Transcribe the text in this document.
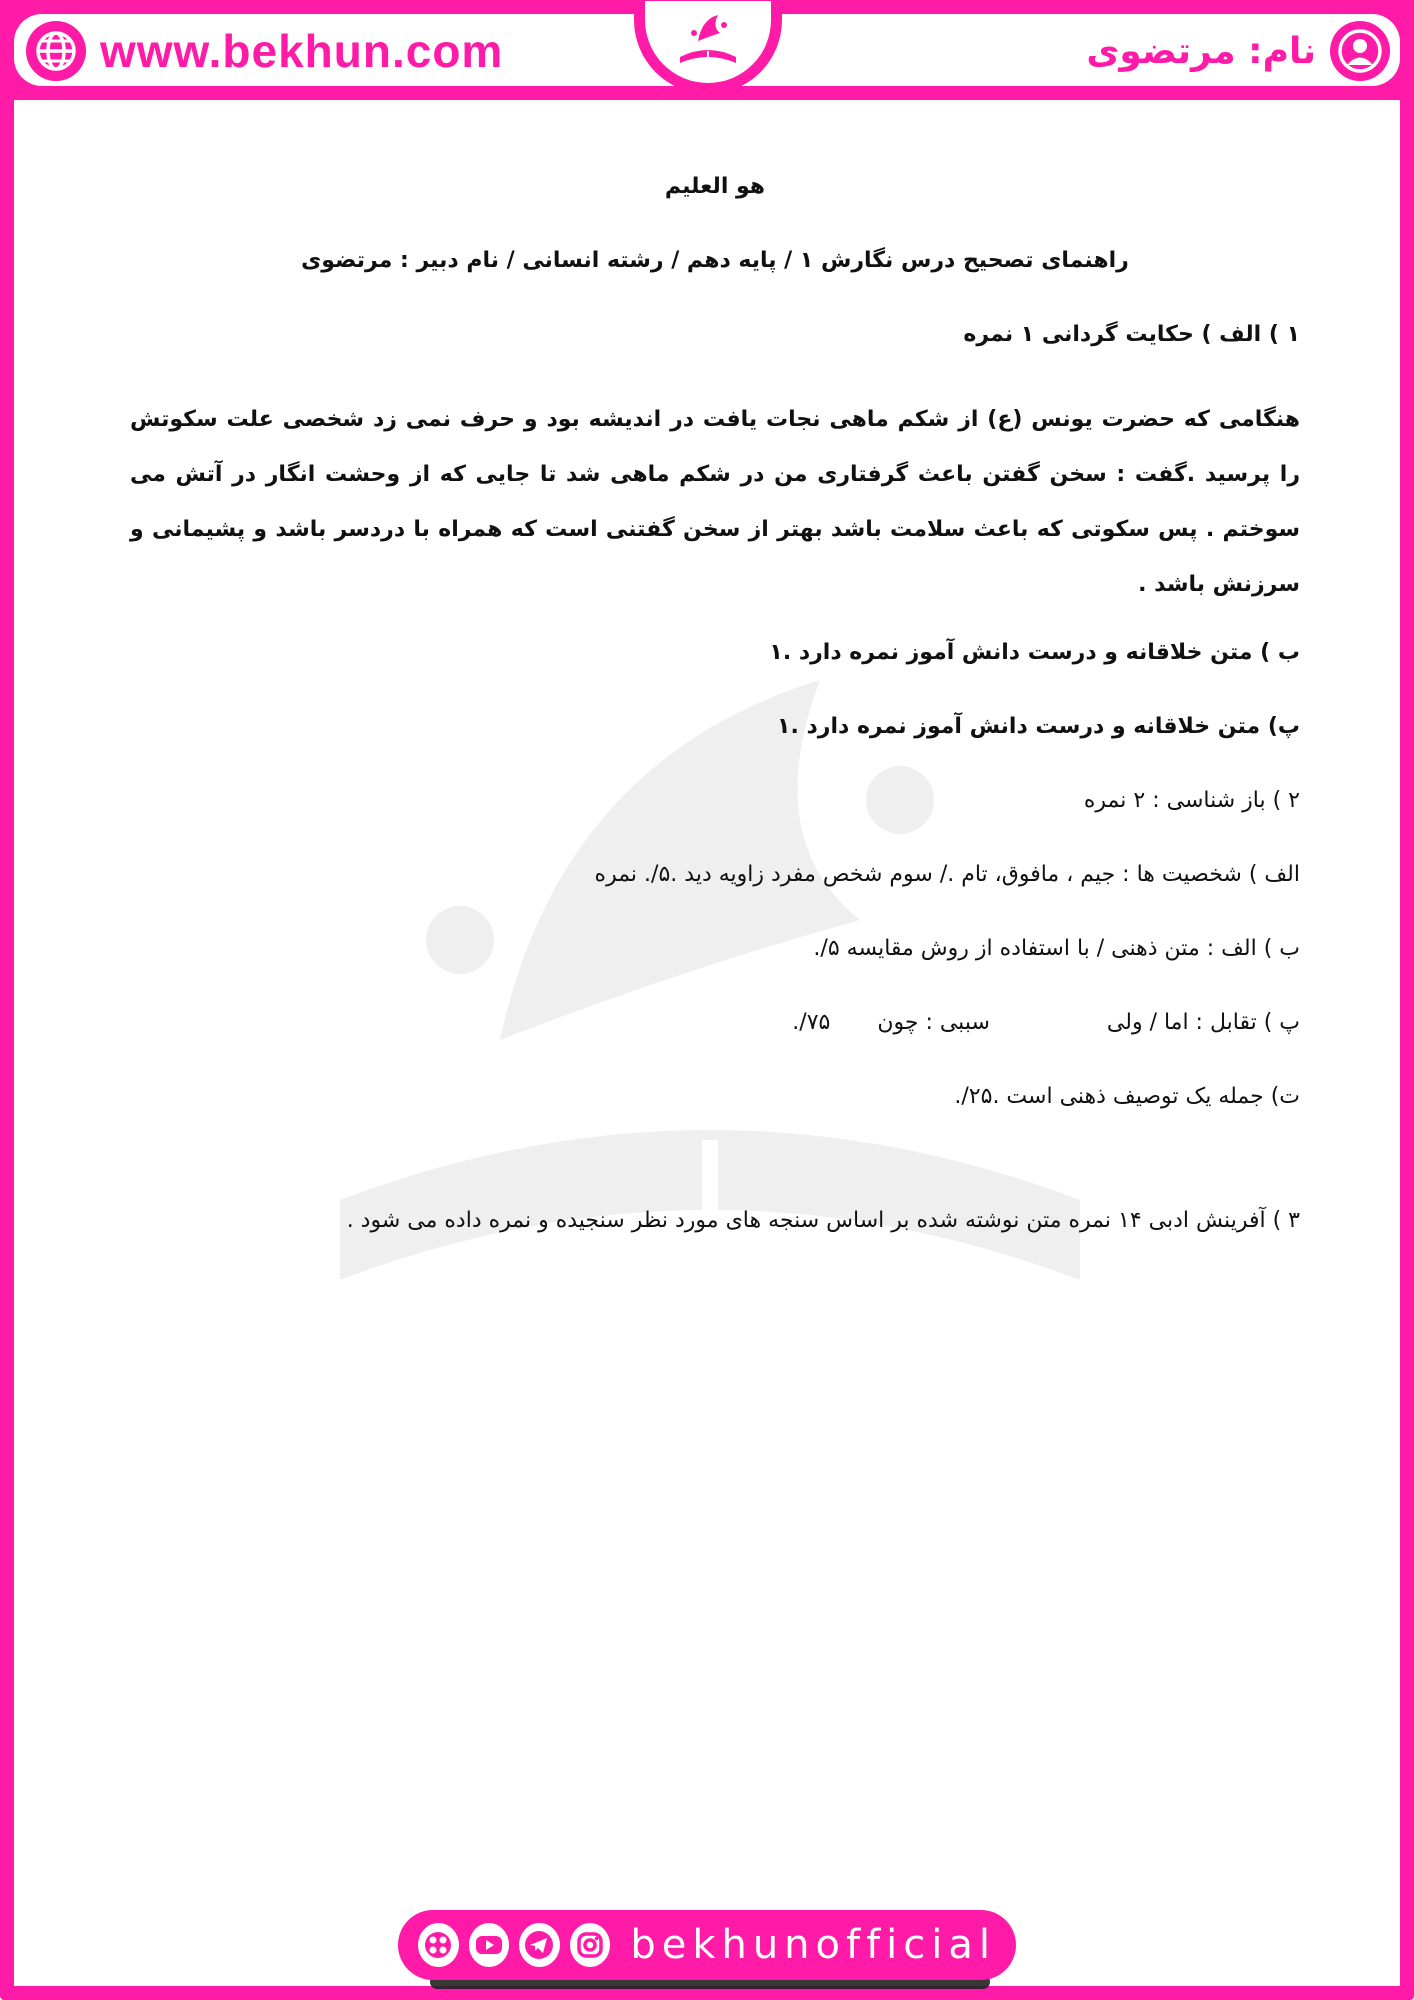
www.bekhun.com	نام: مرتضوی
هو العلیم
راهنمای تصحیح درس نگارش ۱ / پایه دهم / رشته انسانی / نام دبیر : مرتضوی
۱ ) الف ) حکایت گردانی ۱ نمره
هنگامی که حضرت یونس (ع) از شکم ماهی نجات یافت در اندیشه بود و حرف نمی زد شخصی علت سکوتش را پرسید .گفت : سخن گفتن باعث گرفتاری من در شکم ماهی شد تا جایی که از وحشت انگار در آتش می سوختم . پس سکوتی که باعث سلامت باشد بهتر از سخن گفتنی است که همراه با دردسر باشد و پشیمانی و سرزنش باشد .
ب ) متن خلاقانه و درست دانش آموز نمره دارد .۱
پ) متن خلاقانه و درست دانش آموز نمره دارد .۱
۲ ) باز شناسی : ۲ نمره
الف ) شخصیت ها : جیم ، مافوق، تام ./ سوم شخص مفرد زاویه دید .۵/. نمره
ب ) الف : متن ذهنی / با استفاده از روش مقایسه ۵/.
پ ) تقابل : اما / ولی سببی : چون ۷۵/.
ت) جمله یک توصیف ذهنی است .۲۵/.
۳ ) آفرینش ادبی ۱۴ نمره متن نوشته شده بر اساس سنجه های مورد نظر سنجیده و نمره داده می شود .
bekhunofficial
